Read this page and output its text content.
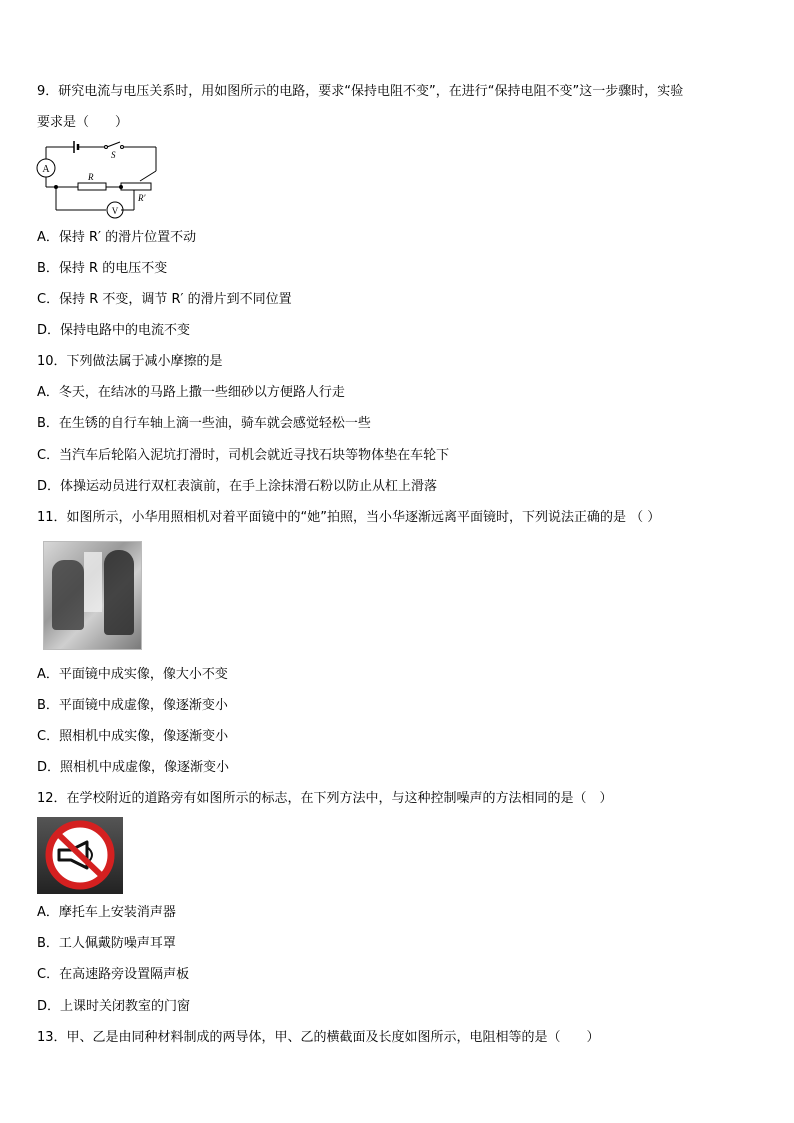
9．研究电流与电压关系时，用如图所示的电路，要求“保持电阻不变”，在进行“保持电阻不变”这一步骤时，实验
要求是（　　）
A
S
R
R′
V
A．保持 R′ 的滑片位置不动
B．保持 R 的电压不变
C．保持 R 不变，调节 R′ 的滑片到不同位置
D．保持电路中的电流不变
10．下列做法属于减小摩擦的是
A．冬天，在结冰的马路上撒一些细砂以方便路人行走
B．在生锈的自行车轴上滴一些油，骑车就会感觉轻松一些
C．当汽车后轮陷入泥坑打滑时，司机会就近寻找石块等物体垫在车轮下
D．体操运动员进行双杠表演前，在手上涂抹滑石粉以防止从杠上滑落
11．如图所示，小华用照相机对着平面镜中的“她”拍照，当小华逐渐远离平面镜时，下列说法正确的是 （ ）
A．平面镜中成实像，像大小不变
B．平面镜中成虚像，像逐渐变小
C．照相机中成实像，像逐渐变小
D．照相机中成虚像，像逐渐变小
12．在学校附近的道路旁有如图所示的标志，在下列方法中，与这种控制噪声的方法相同的是（　）
A．摩托车上安装消声器
B．工人佩戴防噪声耳罩
C．在高速路旁设置隔声板
D．上课时关闭教室的门窗
13．甲、乙是由同种材料制成的两导体，甲、乙的横截面及长度如图所示，电阻相等的是（　　）
